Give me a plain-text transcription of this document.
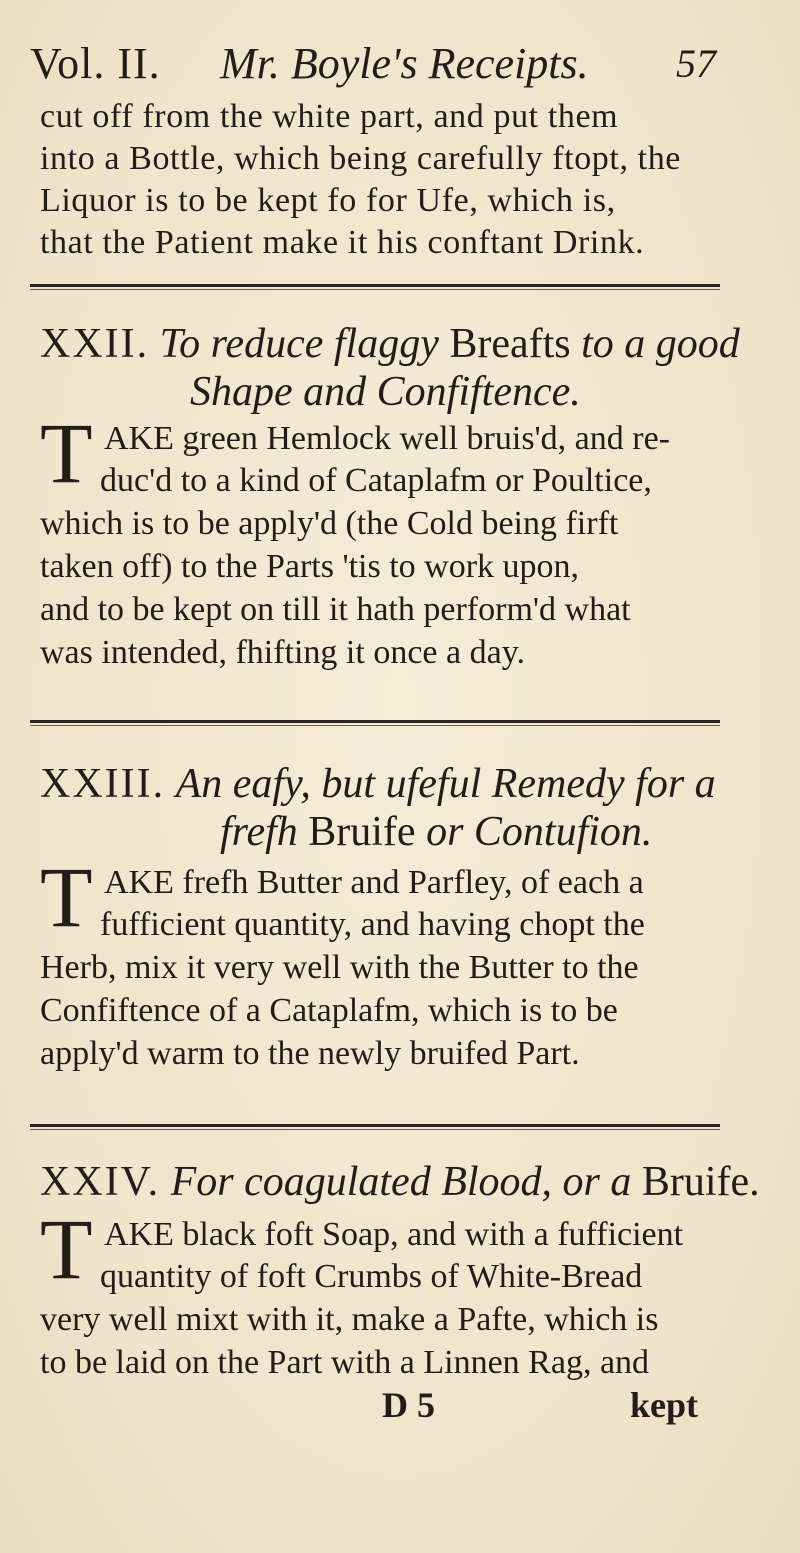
Vol. II. Mr. Boyle's Receipts. 57
cut off from the white part, and put them
into a Bottle, which being carefully ftopt, the
Liquor is to be kept fo for Ufe, which is,
that the Patient make it his conftant Drink.
XXII. To reduce flaggy Breafts to a good
Shape and Confiftence.
T AKE green Hemlock well bruis'd, and re-
duc'd to a kind of Cataplafm or Poultice,
which is to be apply'd (the Cold being firft
taken off) to the Parts 'tis to work upon,
and to be kept on till it hath perform'd what
was intended, fhifting it once a day.
XXIII. An eafy, but ufeful Remedy for a
frefh Bruife or Contufion.
T AKE frefh Butter and Parfley, of each a
fufficient quantity, and having chopt the
Herb, mix it very well with the Butter to the
Confiftence of a Cataplafm, which is to be
apply'd warm to the newly bruifed Part.
XXIV. For coagulated Blood, or a Bruife.
T AKE black foft Soap, and with a fufficient
quantity of foft Crumbs of White-Bread
very well mixt with it, make a Pafte, which is
to be laid on the Part with a Linnen Rag, and
D 5	kept
